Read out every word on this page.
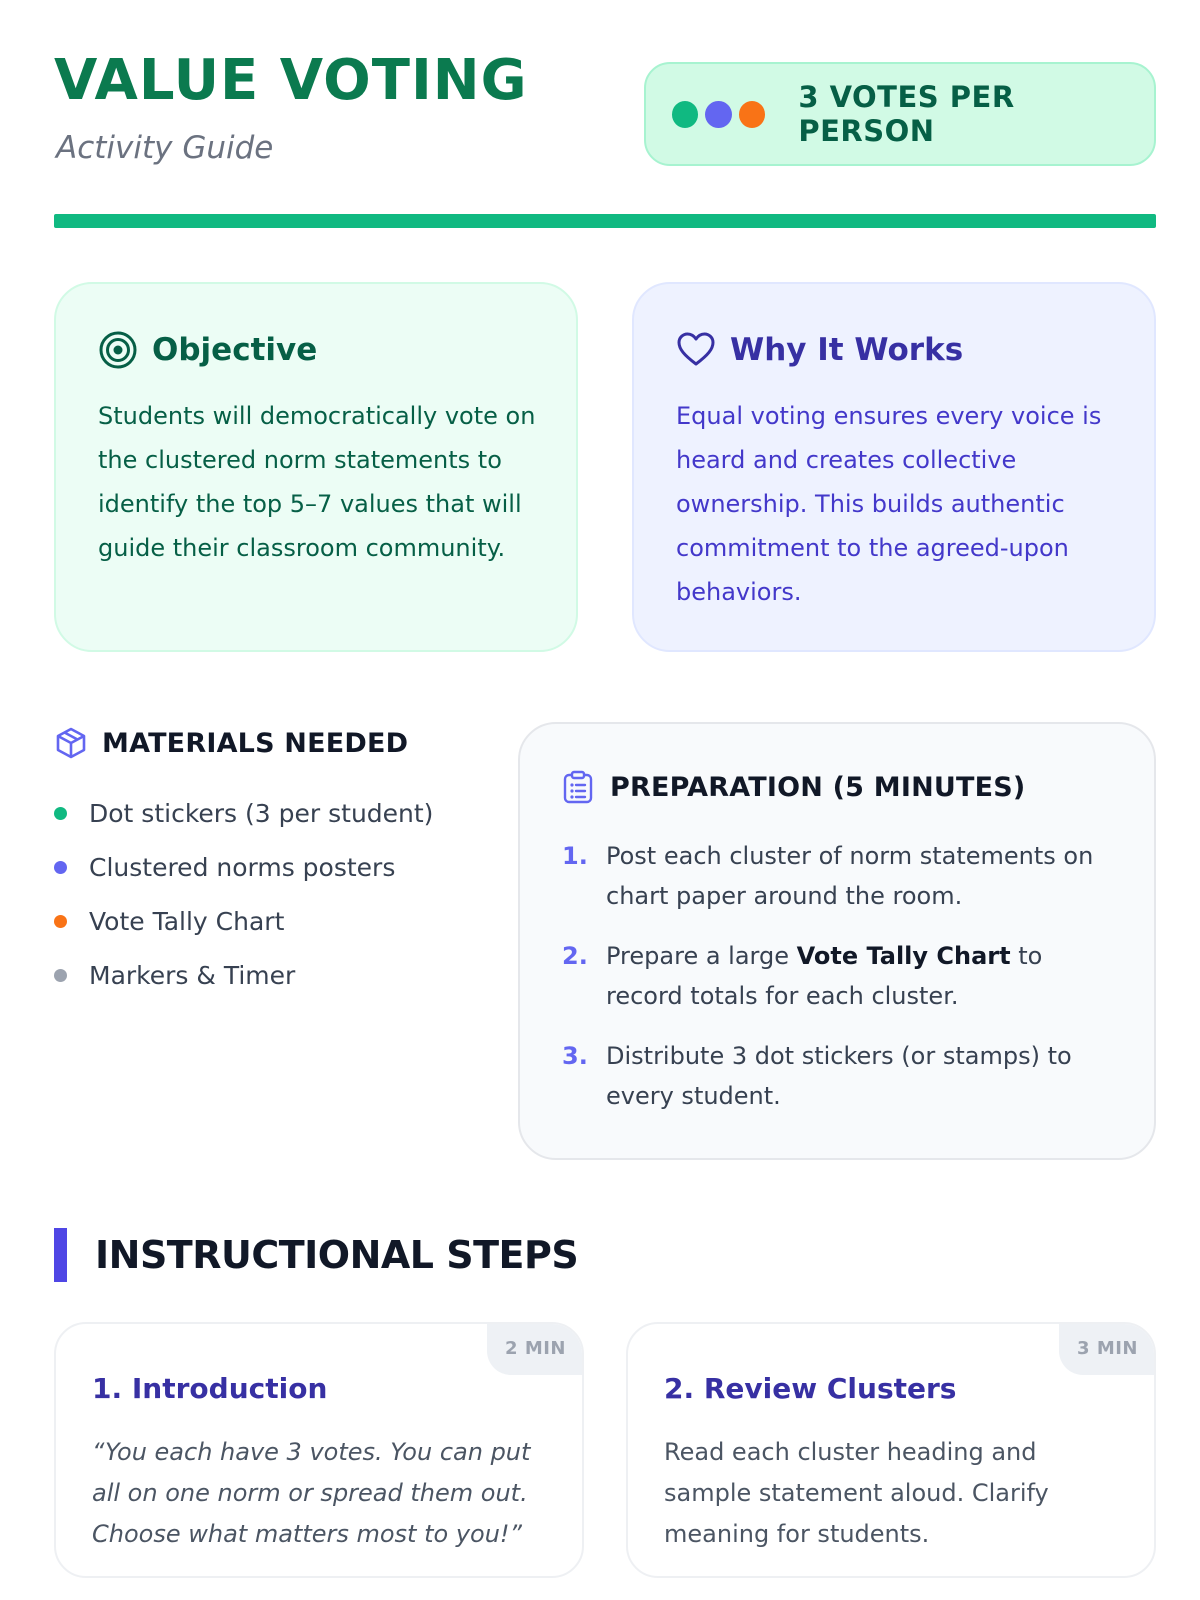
VALUE VOTING
Activity Guide
3 VOTES PER PERSON
Objective

Students will democratically vote on the clustered norm statements to identify the top 5–7 values that will guide their classroom community.

Why It Works

Equal voting ensures every voice is heard and creates collective ownership. This builds authentic commitment to the agreed-upon behaviors.

MATERIALS NEEDED
Dot stickers (3 per student)
Clustered norms posters
Vote Tally Chart
Markers & Timer
PREPARATION (5 MINUTES)
1. Post each cluster of norm statements on chart paper around the room.
2. Prepare a large Vote Tally Chart to record totals for each cluster.
3. Distribute 3 dot stickers (or stamps) to every student.
INSTRUCTIONAL STEPS
2 MIN
1. Introduction

“You each have 3 votes. You can put all on one norm or spread them out. Choose what matters most to you!”

3 MIN
2. Review Clusters

Read each cluster heading and sample statement aloud. Clarify meaning for students.
